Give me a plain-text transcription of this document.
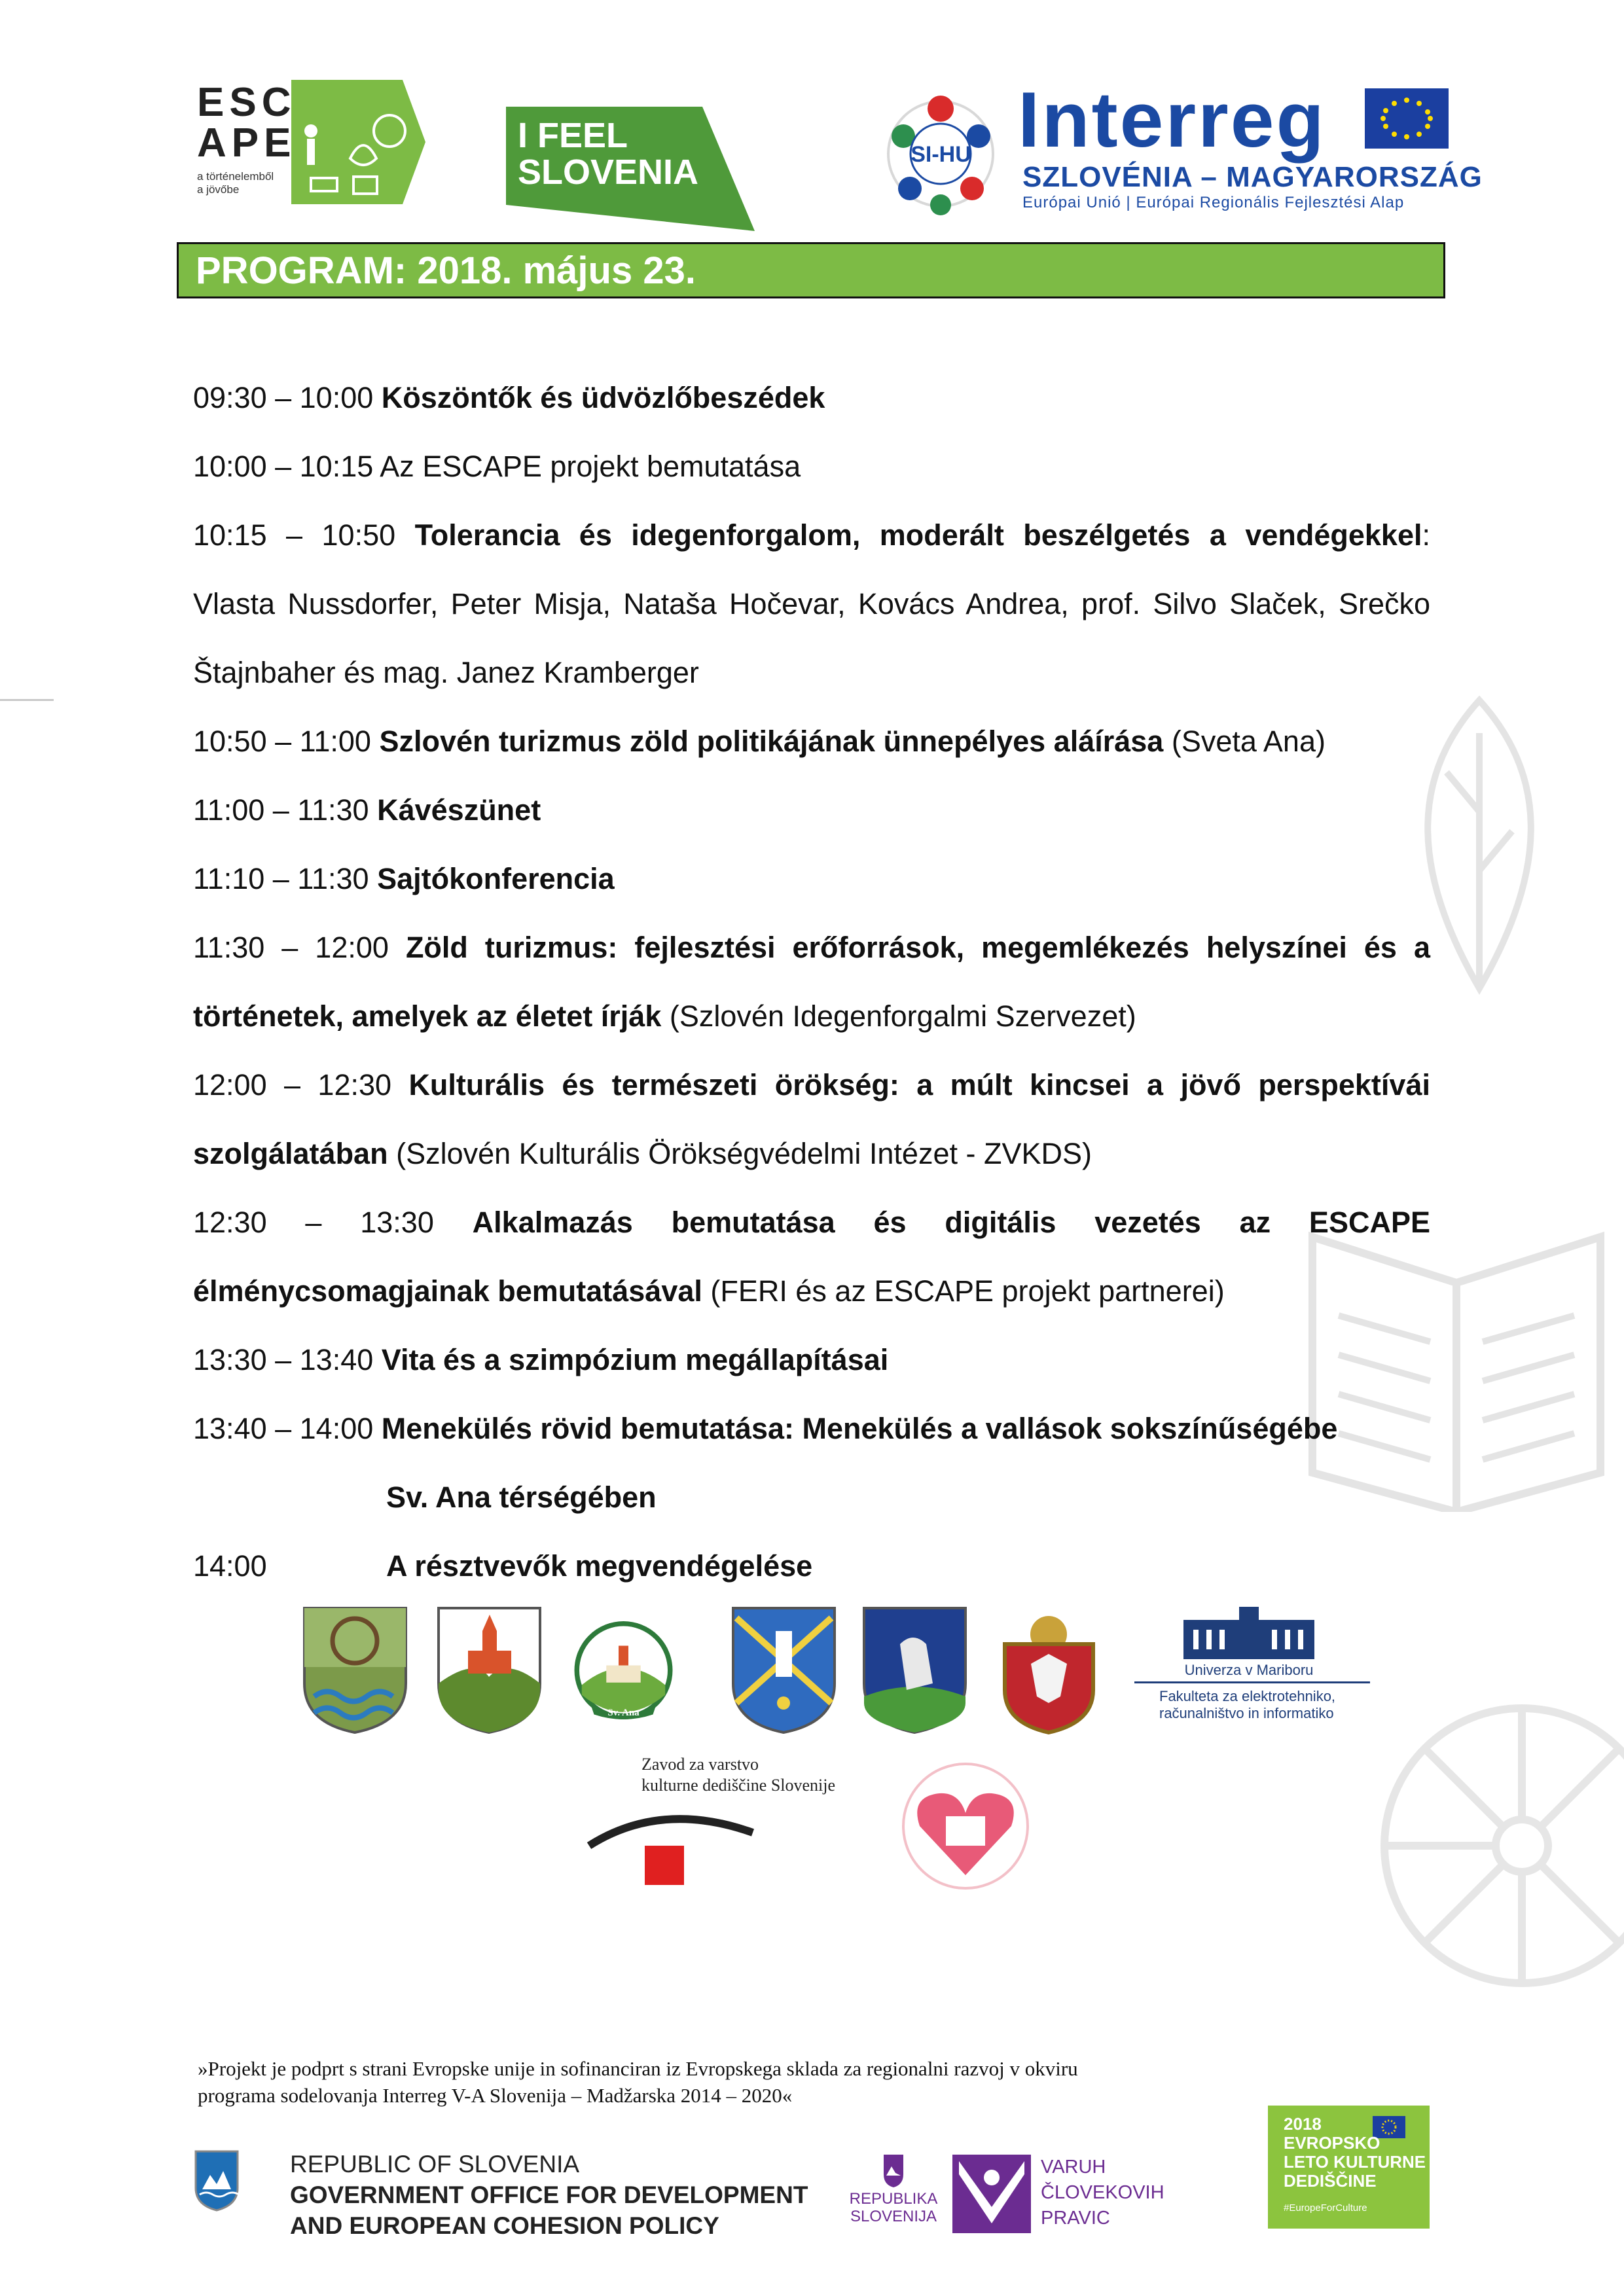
ESC
APE
a történelemből a jövőbe
I FEEL
SLOVENIA	SI-HU Interreg
SZLOVÉNIA – MAGYARORSZÁG
Európai Unió | Európai Regionális Fejlesztési Alap
PROGRAM: 2018. május 23.
09:30 – 10:00 Köszöntők és üdvözlőbeszédek
10:00 – 10:15 Az ESCAPE projekt bemutatása
10:15 – 10:50 Tolerancia és idegenforgalom, moderált beszélgetés a vendégekkel:
Vlasta Nussdorfer, Peter Misja, Nataša Hočevar, Kovács Andrea, prof. Silvo Slaček, Srečko
Štajnbaher és mag. Janez Kramberger
10:50 – 11:00 Szlovén turizmus zöld politikájának ünnepélyes aláírása (Sveta Ana)
11:00 – 11:30 Kávészünet
11:10 – 11:30 Sajtókonferencia
11:30 – 12:00 Zöld turizmus: fejlesztési erőforrások, megemlékezés helyszínei és a
történetek, amelyek az életet írják (Szlovén Idegenforgalmi Szervezet)
12:00 – 12:30 Kulturális és természeti örökség: a múlt kincsei a jövő perspektívái
szolgálatában (Szlovén Kulturális Örökségvédelmi Intézet - ZVKDS)
12:30 – 13:30 Alkalmazás bemutatása és digitális vezetés az ESCAPE
élménycsomagjainak bemutatásával (FERI és az ESCAPE projekt partnerei)
13:30 – 13:40 Vita és a szimpózium megállapításai
13:40 – 14:00 Menekülés rövid bemutatása: Menekülés a vallások sokszínűségébe
Sv. Ana térségében
14:00	A résztvevők megvendégelése
Sv. Ana
Univerza v Mariboru
Fakulteta za elektrotehniko,
računalništvo in informatiko
Zavod za varstvo
kulturne dediščine Slovenije
»Projekt je podprt s strani Evropske unije in sofinanciran iz Evropskega sklada za regionalni razvoj v okviru
programa sodelovanja Interreg V-A Slovenija – Madžarska 2014 – 2020«
REPUBLIC OF SLOVENIA
GOVERNMENT OFFICE FOR DEVELOPMENT
AND EUROPEAN COHESION POLICY
REPUBLIKA
SLOVENIJA
VARUH
ČLOVEKOVIH
PRAVIC
2018
EVROPSKO
LETO KULTURNE
DEDIŠČINE
#EuropeForCulture
